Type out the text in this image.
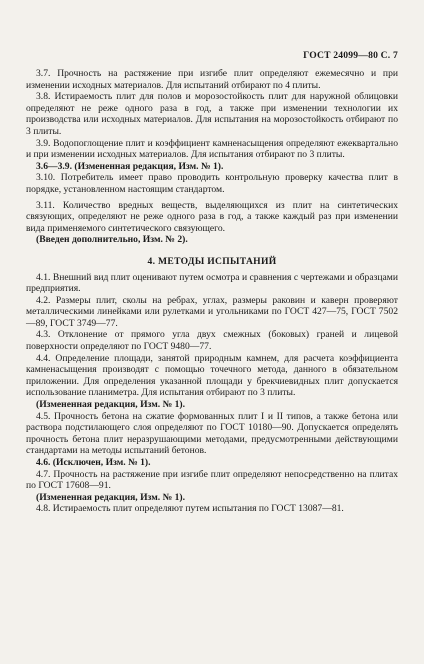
ГОСТ 24099—80 С. 7

3.7. Прочность на растяжение при изгибе плит определяют ежемесячно и при изменении исходных материалов. Для испытаний отбирают по 4 плиты.

3.8. Истираемость плит для полов и морозостойкость плит для наружной облицовки определяют не реже одного раза в год, а также при изменении технологии их производства или исходных материалов. Для испытания на морозостойкость отбирают по 3 плиты.

3.9. Водопоглощение плит и коэффициент камненасыщения определяют ежеквартально и при изменении исходных материалов. Для испытания отбирают по 3 плиты.

3.6—3.9. (Измененная редакция, Изм. № 1).

3.10. Потребитель имеет право проводить контрольную проверку качества плит в порядке, установленном настоящим стандартом.

3.11. Количество вредных веществ, выделяющихся из плит на синтетических связующих, определяют не реже одного раза в год, а также каждый раз при изменении вида применяемого синтетического связующего.

(Введен дополнительно, Изм. № 2).

4. МЕТОДЫ ИСПЫТАНИЙ

4.1. Внешний вид плит оценивают путем осмотра и сравнения с чертежами и образцами предприятия.

4.2. Размеры плит, сколы на ребрах, углах, размеры раковин и каверн проверяют металлическими линейками или рулетками и угольниками по ГОСТ 427—75, ГОСТ 7502—89, ГОСТ 3749—77.

4.3. Отклонение от прямого угла двух смежных (боковых) граней и лицевой поверхности определяют по ГОСТ 9480—77.

4.4. Определение площади, занятой природным камнем, для расчета коэффициента камненасыщения производят с помощью точечного метода, данного в обязательном приложении. Для определения указанной площади у брекчиевидных плит допускается использование планиметра. Для испытания отбирают по 3 плиты.

(Измененная редакция, Изм. № 1).

4.5. Прочность бетона на сжатие формованных плит I и II типов, а также бетона или раствора подстилающего слоя определяют по ГОСТ 10180—90. Допускается определять прочность бетона плит неразрушающими методами, предусмотренными действующими стандартами на методы испытаний бетонов.

4.6. (Исключен, Изм. № 1).

4.7. Прочность на растяжение при изгибе плит определяют непосредственно на плитах по ГОСТ 17608—91.

(Измененная редакция, Изм. № 1).

4.8. Истираемость плит определяют путем испытания по ГОСТ 13087—81.
